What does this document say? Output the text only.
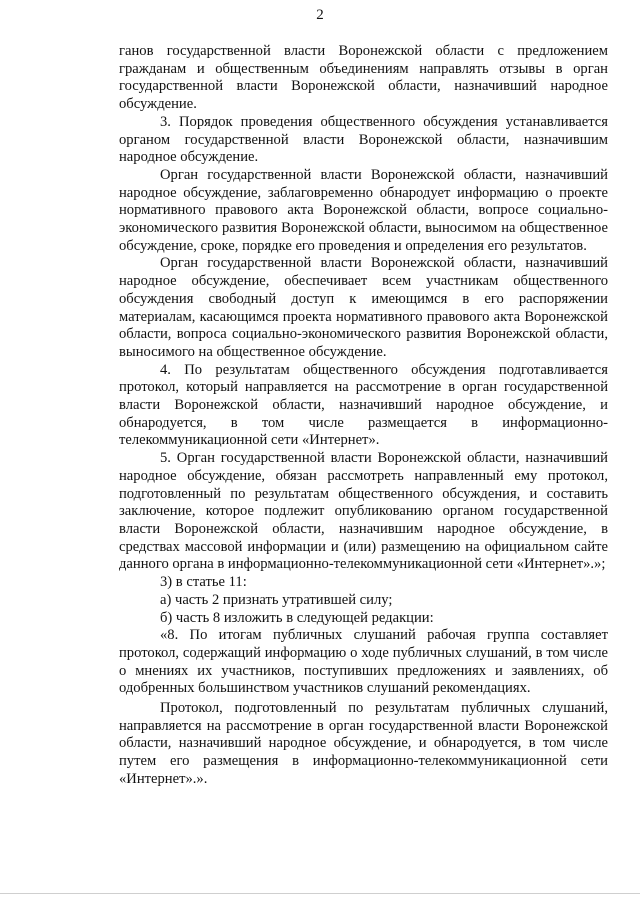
2

ганов государственной власти Воронежской области с предложением гражданам и общественным объединениям направлять отзывы в орган государственной власти Воронежской области, назначивший народное обсуждение.

3. Порядок проведения общественного обсуждения устанавливается органом государственной власти Воронежской области, назначившим народное обсуждение.

Орган государственной власти Воронежской области, назначивший народное обсуждение, заблаговременно обнародует информацию о проекте нормативного правового акта Воронежской области, вопросе социально-экономического развития Воронежской области, выносимом на общественное обсуждение, сроке, порядке его проведения и определения его результатов.

Орган государственной власти Воронежской области, назначивший народное обсуждение, обеспечивает всем участникам общественного обсуждения свободный доступ к имеющимся в его распоряжении материалам, касающимся проекта нормативного правового акта Воронежской области, вопроса социально-экономического развития Воронежской области, выносимого на общественное обсуждение.

4. По результатам общественного обсуждения подготавливается протокол, который направляется на рассмотрение в орган государственной власти Воронежской области, назначивший народное обсуждение, и обнародуется, в том числе размещается в информационно-телекоммуникационной сети «Интернет».

5. Орган государственной власти Воронежской области, назначивший народное обсуждение, обязан рассмотреть направленный ему протокол, подготовленный по результатам общественного обсуждения, и составить заключение, которое подлежит опубликованию органом государственной власти Воронежской области, назначившим народное обсуждение, в средствах массовой информации и (или) размещению на официальном сайте данного органа в информационно-телекоммуникационной сети «Интернет».»;

3) в статье 11:

а) часть 2 признать утратившей силу;

б) часть 8 изложить в следующей редакции:

«8. По итогам публичных слушаний рабочая группа составляет протокол, содержащий информацию о ходе публичных слушаний, в том числе о мнениях их участников, поступивших предложениях и заявлениях, об одобренных большинством участников слушаний рекомендациях.

Протокол, подготовленный по результатам публичных слушаний, направляется на рассмотрение в орган государственной власти Воронежской области, назначивший народное обсуждение, и обнародуется, в том числе путем его размещения в информационно-телекоммуникационной сети «Интернет».».
